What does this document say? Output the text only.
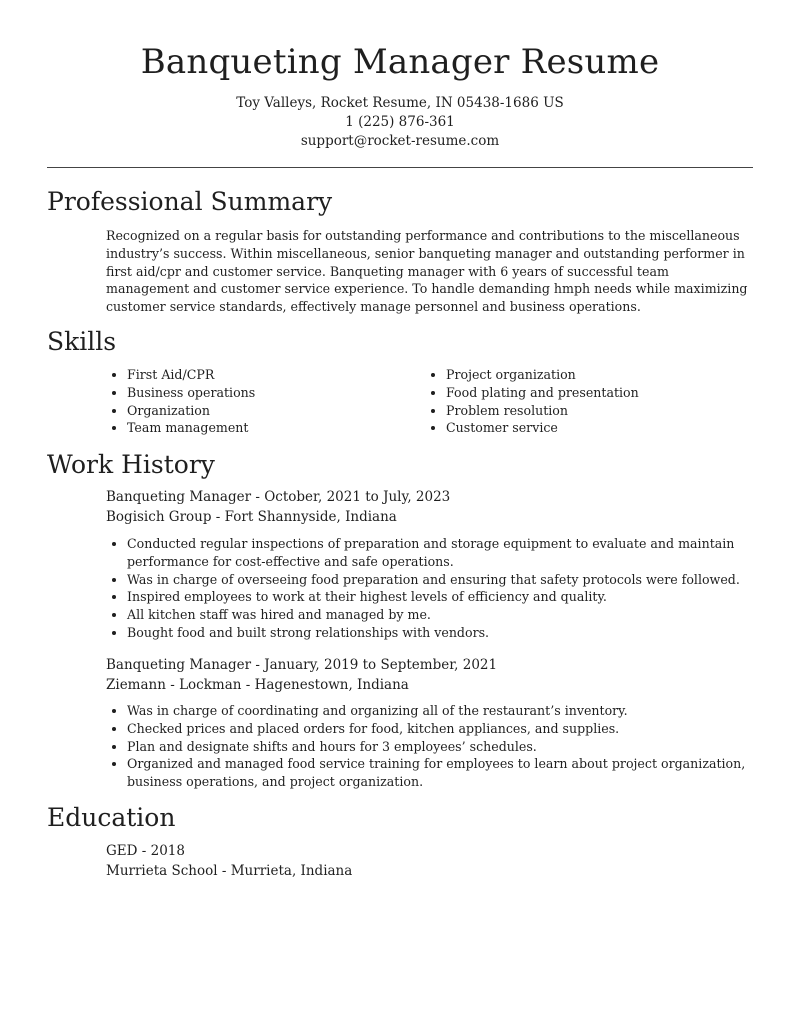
Banqueting Manager Resume

Toy Valleys, Rocket Resume, IN 05438-1686 US

1 (225) 876-361

support@rocket-resume.com

Professional Summary

Recognized on a regular basis for outstanding performance and contributions to the miscellaneous industry’s success. Within miscellaneous, senior banqueting manager and outstanding performer in first aid/cpr and customer service. Banqueting manager with 6 years of successful team management and customer service experience. To handle demanding hmph needs while maximizing customer service standards, effectively manage personnel and business operations.

Skills
• First Aid/CPR
• Business operations
• Organization
• Team management
• Project organization
• Food plating and presentation
• Problem resolution
• Customer service
Work History
Banqueting Manager - October, 2021 to July, 2023
Bogisich Group - Fort Shannyside, Indiana
• Conducted regular inspections of preparation and storage equipment to evaluate and maintain performance for cost-effective and safe operations.
• Was in charge of overseeing food preparation and ensuring that safety protocols were followed.
• Inspired employees to work at their highest levels of efficiency and quality.
• All kitchen staff was hired and managed by me.
• Bought food and built strong relationships with vendors.
Banqueting Manager - January, 2019 to September, 2021
Ziemann - Lockman - Hagenestown, Indiana
• Was in charge of coordinating and organizing all of the restaurant’s inventory.
• Checked prices and placed orders for food, kitchen appliances, and supplies.
• Plan and designate shifts and hours for 3 employees’ schedules.
• Organized and managed food service training for employees to learn about project organization, business operations, and project organization.
Education
GED - 2018
Murrieta School - Murrieta, Indiana
